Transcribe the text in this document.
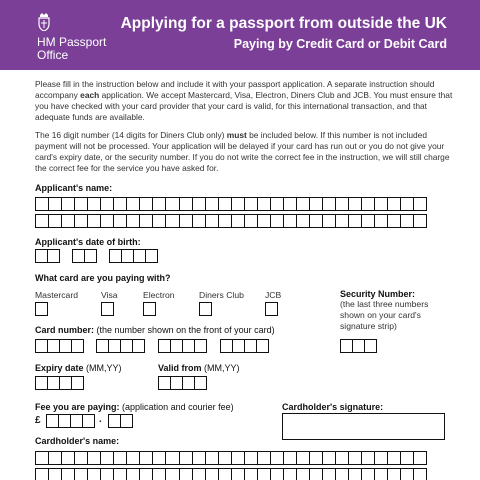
HM Passport
Office
Applying for a passport from outside the UK
Paying by Credit Card or Debit Card
Please fill in the instruction below and include it with your passport application. A separate instruction should accompany each application. We accept Mastercard, Visa, Electron, Diners Club and JCB. You must ensure that you have checked with your card provider that your card is valid, for this international transaction, and that adequate funds are available.
The 16 digit number (14 digits for Diners Club only) must be included below. If this number is not included payment will not be processed. Your application will be delayed if your card has run out or you do not give your card's expiry date, or the security number. If you do not write the correct fee in the instruction, we will still charge the correct fee for the service you have asked for.
Applicant's name:
Applicant's date of birth:
What card are you paying with?
Mastercard	Visa	Electron	Diners Club JCB	Security Number:
(the last three numbers shown on your card's signature strip)
Card number: (the number shown on the front of your card)
Expiry date (MM,YY)	Valid from (MM,YY)
Fee you are paying: (application and courier fee)
£	.
Cardholder's signature:
Cardholder's name:
